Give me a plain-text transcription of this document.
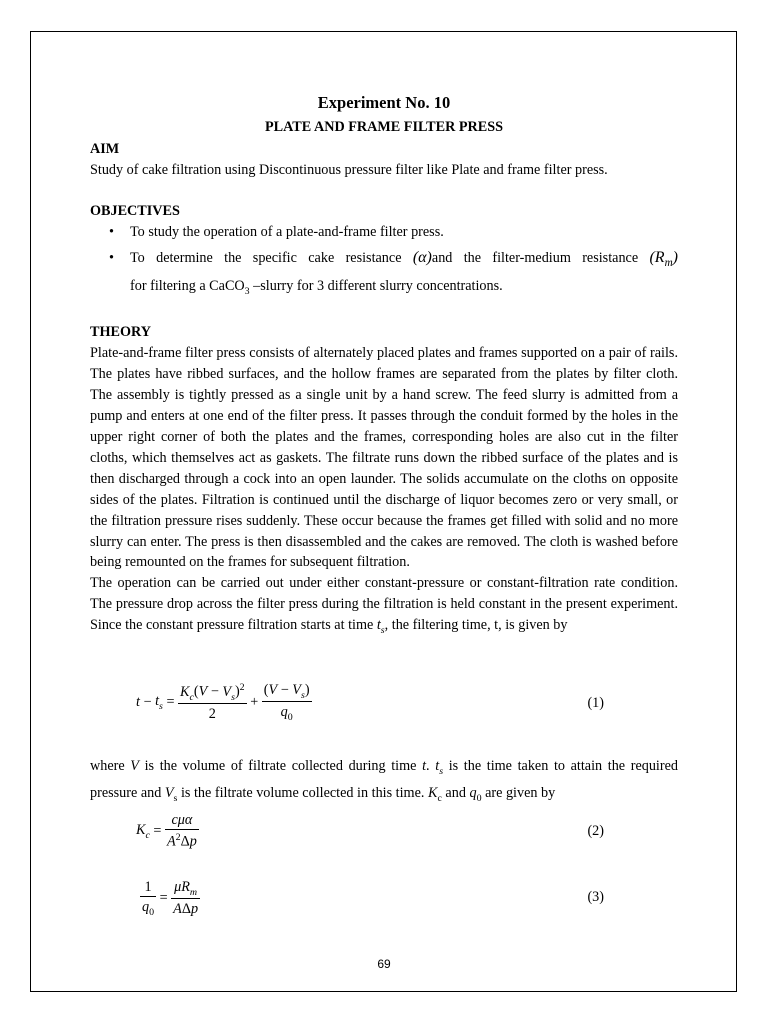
Experiment No. 10
PLATE AND FRAME FILTER PRESS

AIM

Study of cake filtration using Discontinuous pressure filter like Plate and frame filter press.

OBJECTIVES

• To study the operation of a plate-and-frame filter press.
• To determine the specific cake resistance (α)and the filter-medium resistance $(R_m)$
for filtering a CaCO$_3$ –slurry for 3 different slurry concentrations.

THEORY

Plate-and-frame filter press consists of alternately placed plates and frames supported on a pair of rails. The plates have ribbed surfaces, and the hollow frames are separated from the plates by filter cloth. The assembly is tightly pressed as a single unit by a hand screw. The feed slurry is admitted from a pump and enters at one end of the filter press. It passes through the conduit formed by the holes in the upper right corner of both the plates and the frames, corresponding holes are also cut in the filter cloths, which themselves act as gaskets. The filtrate runs down the ribbed surface of the plates and is then discharged through a cock into an open launder. The solids accumulate on the cloths on opposite sides of the plates. Filtration is continued until the discharge of liquor becomes zero or very small, or the filtration pressure rises suddenly. These occur because the frames get filled with solid and no more slurry can enter. The press is then disassembled and the cakes are removed. The cloth is washed before being remounted on the frames for subsequent filtration.

The operation can be carried out under either constant-pressure or constant-filtration rate condition. The pressure drop across the filter press during the filtration is held constant in the present experiment. Since the constant pressure filtration starts at time $t_s$, the filtering time, t, is given by

$t - t_s = \frac{K_c(V - V_s)^2}{2} + \frac{(V - V_s)}{q_0}$	(1)
where V is the volume of filtrate collected during time t. $t_s$ is the time taken to attain the required pressure and $V_s$ is the filtrate volume collected in this time. $K_c$ and $q_0$ are given by
$K_c = \frac{\text{cμα}}{A^2\Delta p}$	(2)
$\frac{1}{q_0} = \frac{\mu R_m}{\text{AΔp}}$	(3)
69
